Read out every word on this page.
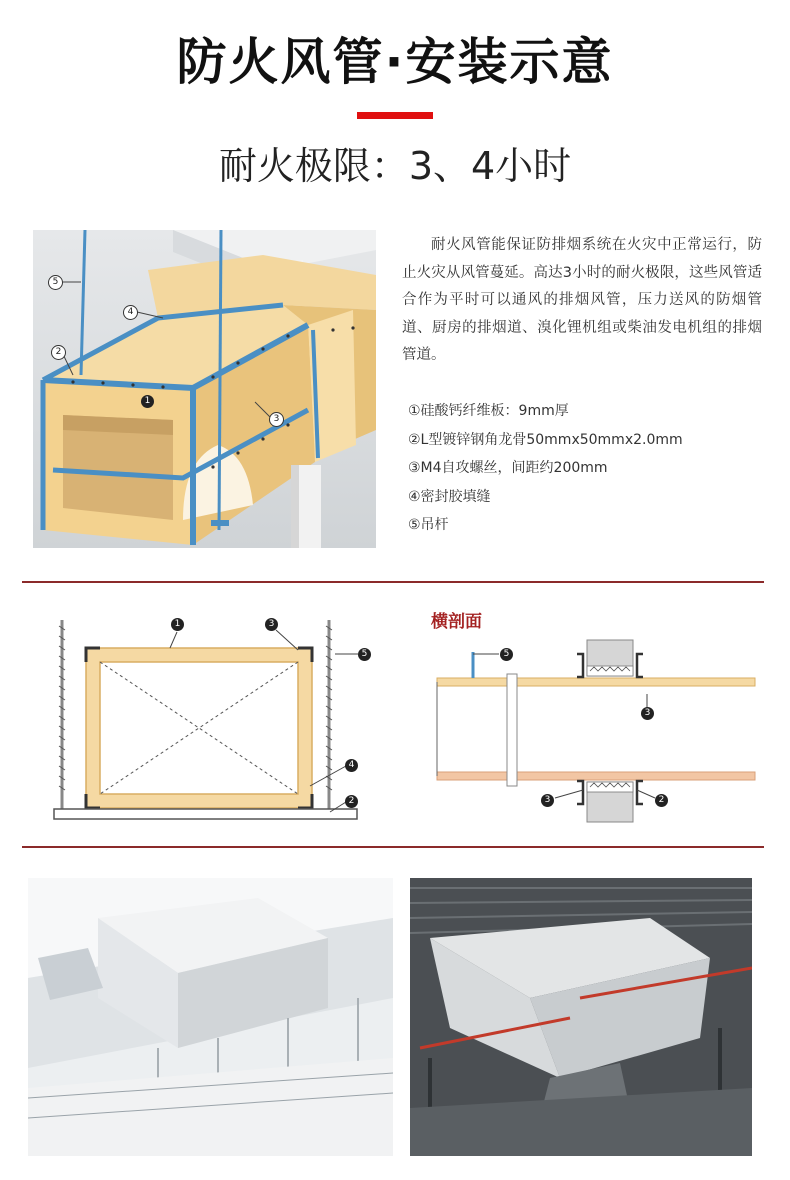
防火风管·安装示意
耐火极限：3、4小时
5
4
2
1
3

耐火风管能保证防排烟系统在火灾中正常运行，防止火灾从风管蔓延。高达3小时的耐火极限，这些风管适合作为平时可以通风的排烟风管，压力送风的防烟管道、厨房的排烟道、溴化锂机组或柴油发电机组的排烟管道。

①硅酸钙纤维板：9mm厚
②L型镀锌钢角龙骨50mmx50mmx2.0mm
③M4自攻螺丝，间距约200mm
④密封胶填缝
⑤吊杆
1	3
5
4
2
横剖面
5
3
3	2
